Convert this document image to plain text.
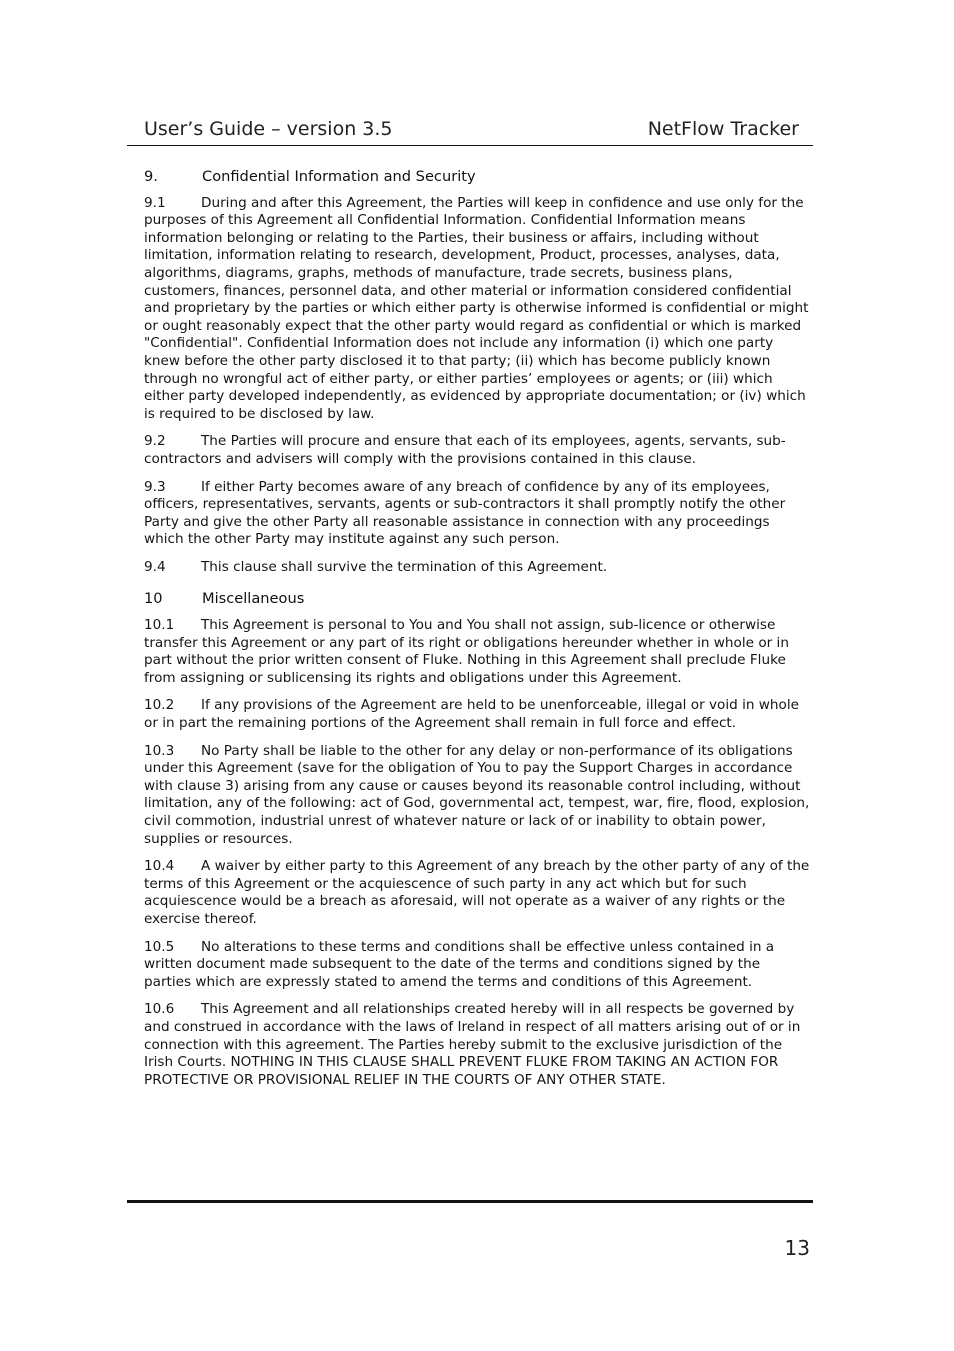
User’s Guide – version 3.5	NetFlow Tracker
9.	Confidential Information and Security

9.1	During and after this Agreement, the Parties will keep in confidence and use only for the purposes of this Agreement all Confidential Information. Confidential Information means information belonging or relating to the Parties, their business or affairs, including without limitation, information relating to research, development, Product, processes, analyses, data, algorithms, diagrams, graphs, methods of manufacture, trade secrets, business plans, customers, finances, personnel data, and other material or information considered confidential and proprietary by the parties or which either party is otherwise informed is confidential or might or ought reasonably expect that the other party would regard as confidential or which is marked "Confidential". Confidential Information does not include any information (i) which one party knew before the other party disclosed it to that party; (ii) which has become publicly known through no wrongful act of either party, or either parties’ employees or agents; or (iii) which either party developed independently, as evidenced by appropriate documentation; or (iv) which is required to be disclosed by law.

9.2	The Parties will procure and ensure that each of its employees, agents, servants, sub-contractors and advisers will comply with the provisions contained in this clause.

9.3	If either Party becomes aware of any breach of confidence by any of its employees, officers, representatives, servants, agents or sub-contractors it shall promptly notify the other Party and give the other Party all reasonable assistance in connection with any proceedings which the other Party may institute against any such person.

9.4	This clause shall survive the termination of this Agreement.

10	Miscellaneous

10.1 This Agreement is personal to You and You shall not assign, sub-licence or otherwise transfer this Agreement or any part of its right or obligations hereunder whether in whole or in part without the prior written consent of Fluke. Nothing in this Agreement shall preclude Fluke from assigning or sublicensing its rights and obligations under this Agreement.

10.2 If any provisions of the Agreement are held to be unenforceable, illegal or void in whole or in part the remaining portions of the Agreement shall remain in full force and effect.

10.3 No Party shall be liable to the other for any delay or non-performance of its obligations under this Agreement (save for the obligation of You to pay the Support Charges in accordance with clause 3) arising from any cause or causes beyond its reasonable control including, without limitation, any of the following: act of God, governmental act, tempest, war, fire, flood, explosion, civil commotion, industrial unrest of whatever nature or lack of or inability to obtain power, supplies or resources.

10.4 A waiver by either party to this Agreement of any breach by the other party of any of the terms of this Agreement or the acquiescence of such party in any act which but for such acquiescence would be a breach as aforesaid, will not operate as a waiver of any rights or the exercise thereof.

10.5 No alterations to these terms and conditions shall be effective unless contained in a written document made subsequent to the date of the terms and conditions signed by the parties which are expressly stated to amend the terms and conditions of this Agreement.

10.6 This Agreement and all relationships created hereby will in all respects be governed by and construed in accordance with the laws of Ireland in respect of all matters arising out of or in connection with this agreement. The Parties hereby submit to the exclusive jurisdiction of the Irish Courts. NOTHING IN THIS CLAUSE SHALL PREVENT FLUKE FROM TAKING AN ACTION FOR PROTECTIVE OR PROVISIONAL RELIEF IN THE COURTS OF ANY OTHER STATE.

13
